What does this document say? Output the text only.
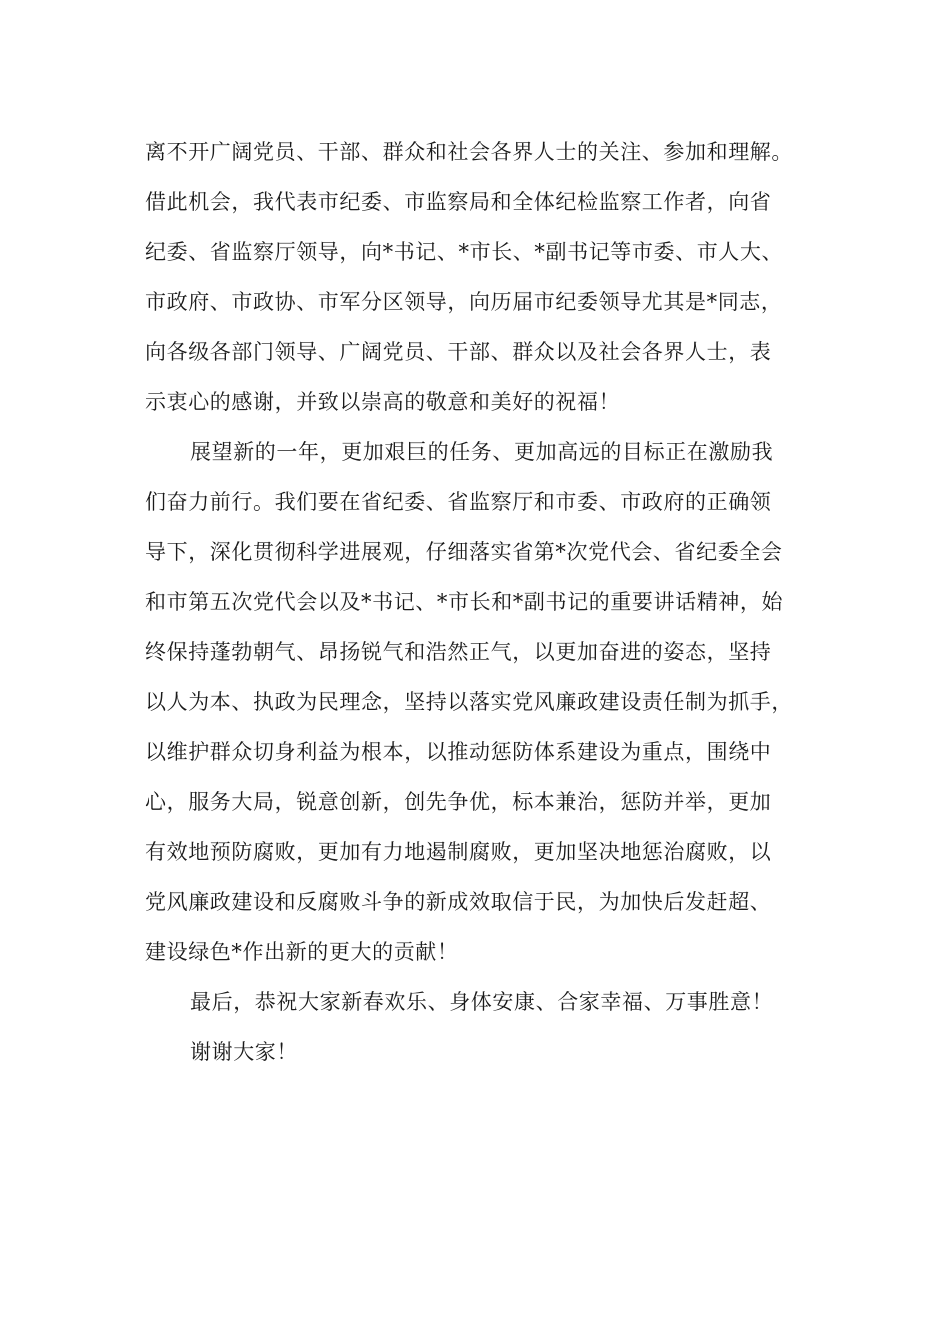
离不开广阔党员、干部、群众和社会各界人士的关注、参加和理解。
借此机会，我代表市纪委、市监察局和全体纪检监察工作者，向省
纪委、省监察厅领导，向*书记、*市长、*副书记等市委、市人大、
市政府、市政协、市军分区领导，向历届市纪委领导尤其是*同志，
向各级各部门领导、广阔党员、干部、群众以及社会各界人士，表
示衷心的感谢，并致以崇高的敬意和美好的祝福！
展望新的一年，更加艰巨的任务、更加高远的目标正在激励我
们奋力前行。我们要在省纪委、省监察厅和市委、市政府的正确领
导下，深化贯彻科学进展观，仔细落实省第*次党代会、省纪委全会
和市第五次党代会以及*书记、*市长和*副书记的重要讲话精神，始
终保持蓬勃朝气、昂扬锐气和浩然正气，以更加奋进的姿态，坚持
以人为本、执政为民理念，坚持以落实党风廉政建设责任制为抓手，
以维护群众切身利益为根本，以推动惩防体系建设为重点，围绕中
心，服务大局，锐意创新，创先争优，标本兼治，惩防并举，更加
有效地预防腐败，更加有力地遏制腐败，更加坚决地惩治腐败，以
党风廉政建设和反腐败斗争的新成效取信于民，为加快后发赶超、
建设绿色*作出新的更大的贡献！
最后，恭祝大家新春欢乐、身体安康、合家幸福、万事胜意！
谢谢大家！
